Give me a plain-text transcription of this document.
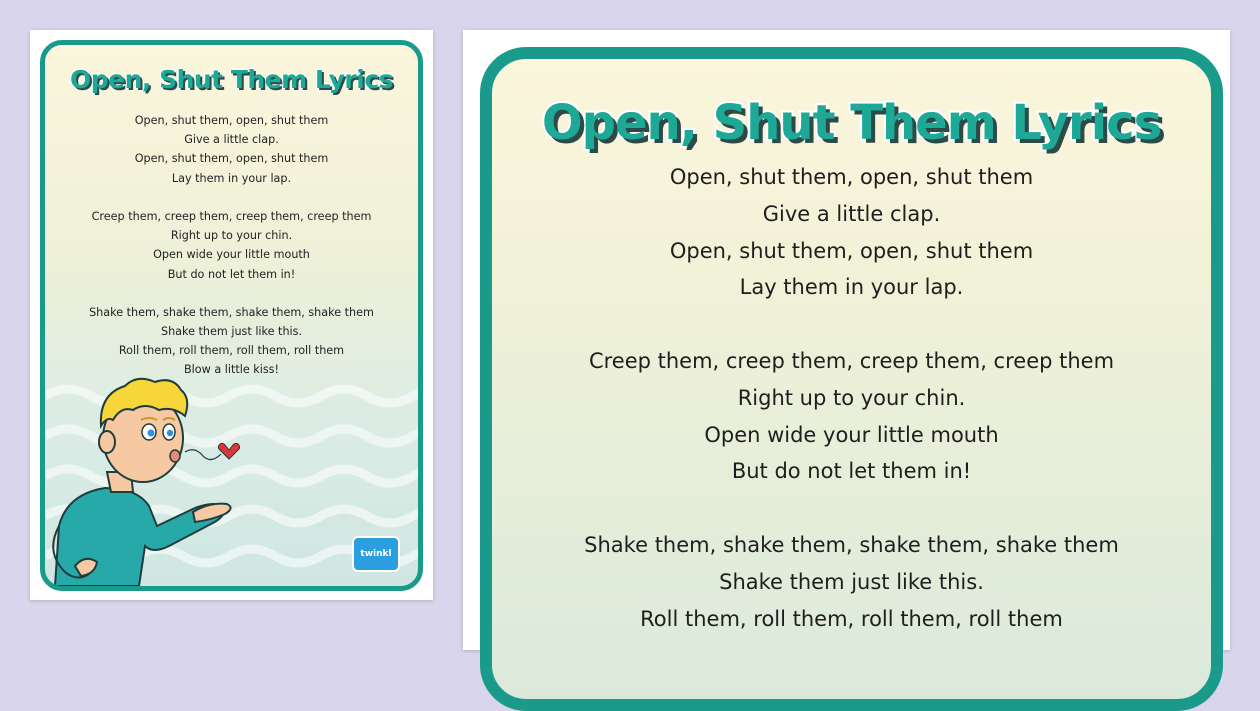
Open, Shut Them Lyrics
Open, shut them, open, shut them
Give a little clap.
Open, shut them, open, shut them
Lay them in your lap.
Creep them, creep them, creep them, creep them
Right up to your chin.
Open wide your little mouth
But do not let them in!
Shake them, shake them, shake them, shake them
Shake them just like this.
Roll them, roll them, roll them, roll them
Blow a little kiss!
twinkl
Open, Shut Them Lyrics
Open, shut them, open, shut them
Give a little clap.
Open, shut them, open, shut them
Lay them in your lap.
Creep them, creep them, creep them, creep them
Right up to your chin.
Open wide your little mouth
But do not let them in!
Shake them, shake them, shake them, shake them
Shake them just like this.
Roll them, roll them, roll them, roll them
